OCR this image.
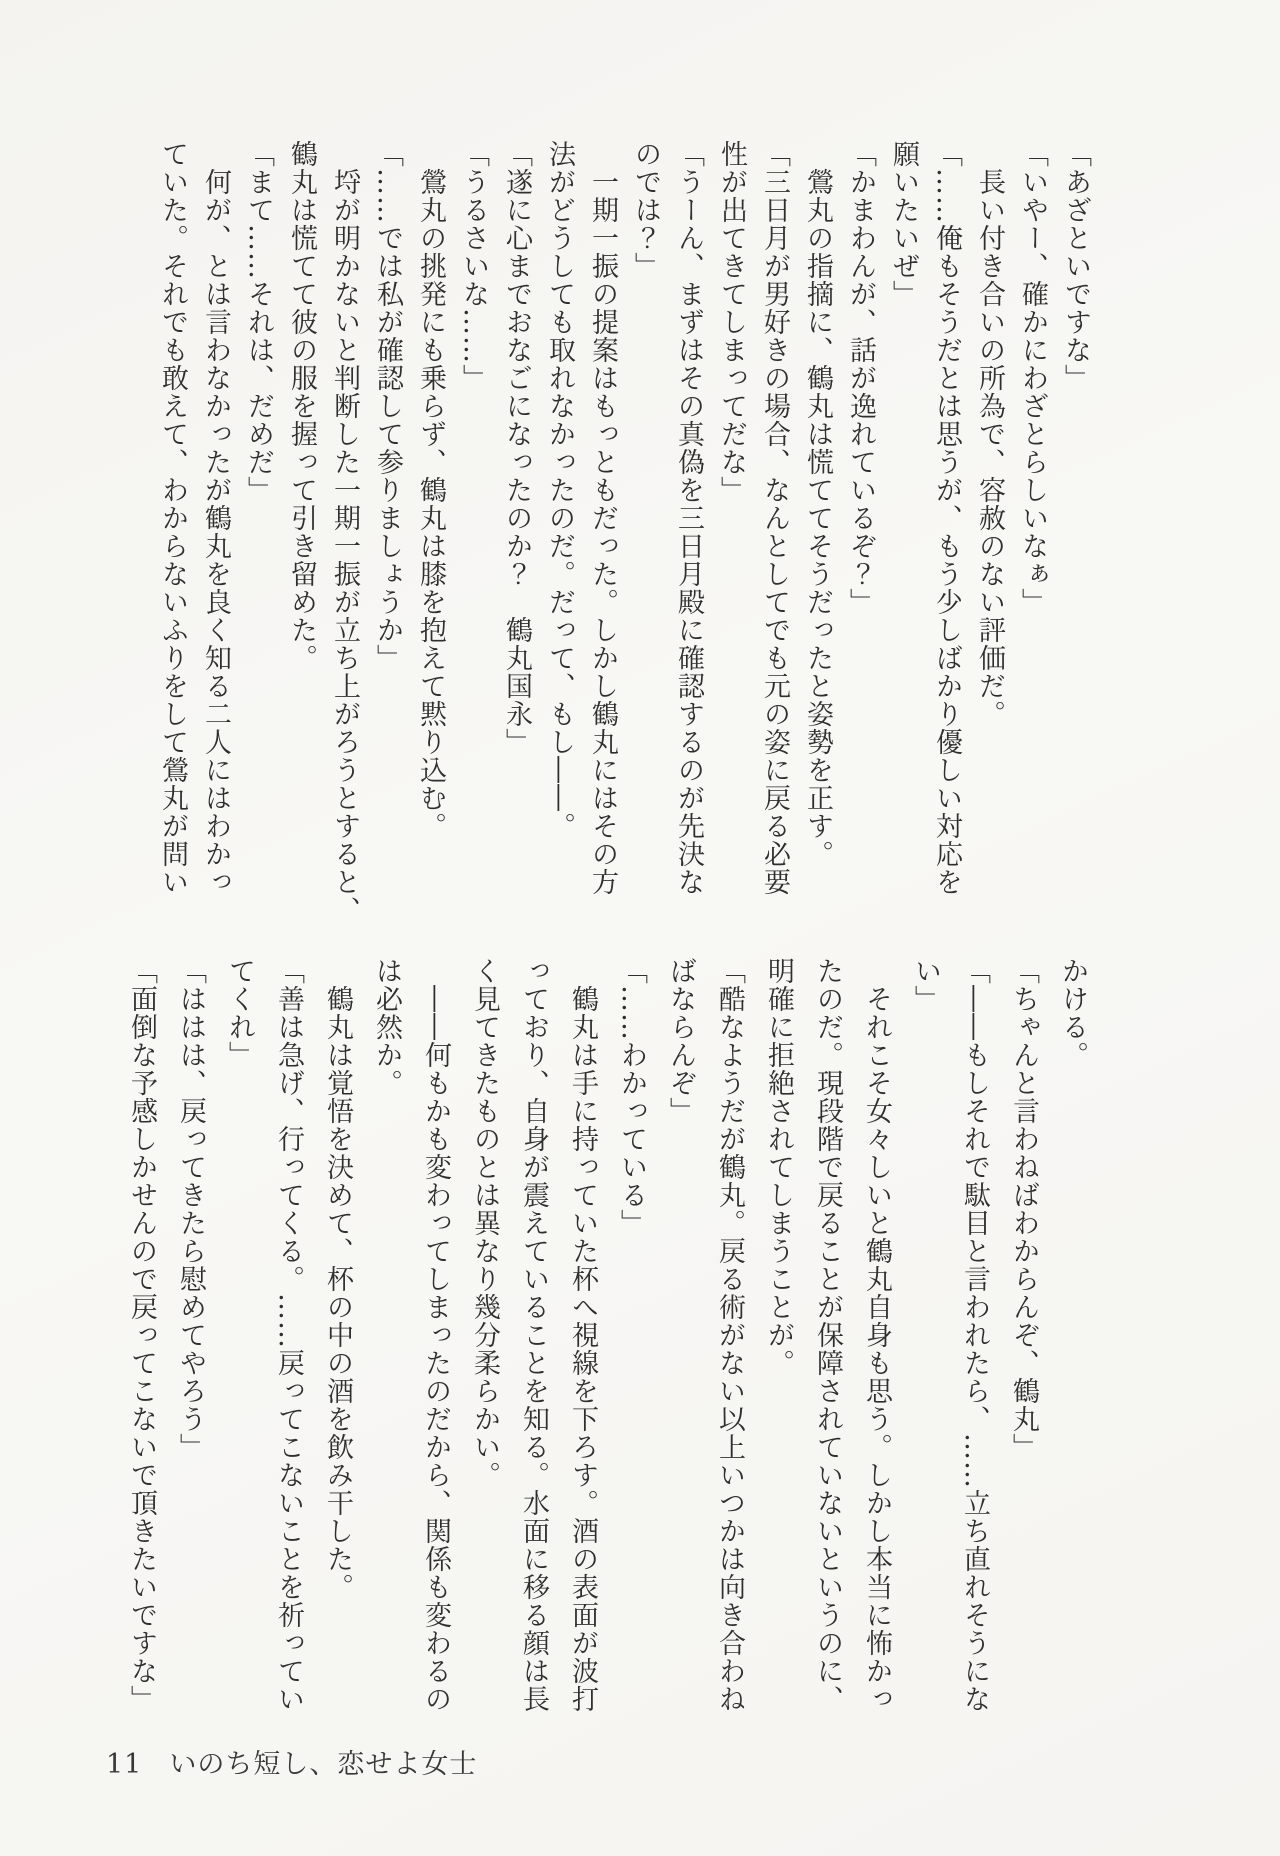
「あざといですな」
「いやー、確かにわざとらしいなぁ」
　長い付き合いの所為で、容赦のない評価だ。
「……俺もそうだとは思うが、もう少しばかり優しい対応を
願いたいぜ」
「かまわんが、話が逸れているぞ？」
　鶯丸の指摘に、鶴丸は慌ててそうだったと姿勢を正す。
「三日月が男好きの場合、なんとしてでも元の姿に戻る必要
性が出てきてしまってだな」
「うーん、まずはその真偽を三日月殿に確認するのが先決な
のでは？」
　一期一振の提案はもっともだった。しかし鶴丸にはその方
法がどうしても取れなかったのだ。だって、もし――。
「遂に心までおなごになったのか？　鶴丸国永」
「うるさいな……」
　鶯丸の挑発にも乗らず、鶴丸は膝を抱えて黙り込む。
「……では私が確認して参りましょうか」
　埒が明かないと判断した一期一振が立ち上がろうとすると、
鶴丸は慌てて彼の服を握って引き留めた。
「まて……それは、だめだ」
　何が、とは言わなかったが鶴丸を良く知る二人にはわかっ
ていた。それでも敢えて、わからないふりをして鶯丸が問い
かける。
「ちゃんと言わねばわからんぞ、鶴丸」
「――もしそれで駄目と言われたら、……立ち直れそうにな
い」
　それこそ女々しいと鶴丸自身も思う。しかし本当に怖かっ
たのだ。現段階で戻ることが保障されていないというのに、
明確に拒絶されてしまうことが。
「酷なようだが鶴丸。戻る術がない以上いつかは向き合わね
ばならんぞ」
「……わかっている」
　鶴丸は手に持っていた杯へ視線を下ろす。酒の表面が波打
っており、自身が震えていることを知る。水面に移る顔は長
く見てきたものとは異なり幾分柔らかい。
　――何もかも変わってしまったのだから、関係も変わるの
は必然か。
　鶴丸は覚悟を決めて、杯の中の酒を飲み干した。
「善は急げ、行ってくる。……戻ってこないことを祈ってい
てくれ」
「ははは、戻ってきたら慰めてやろう」
「面倒な予感しかせんので戻ってこないで頂きたいですな」
11 いのち短し、恋せよ女士
